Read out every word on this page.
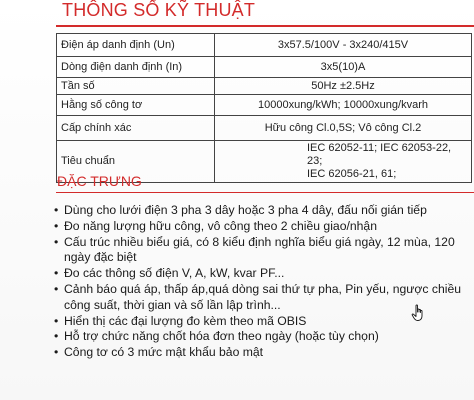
THÔNG SỐ KỸ THUẬT
Điện áp danh định (Un)	3x57.5/100V - 3x240/415V

Dòng điện danh định (In)	3x5(10)A

Tần số	50Hz ±2.5Hz

Hằng số công tơ	10000xung/kWh; 10000xung/kvarh

Cấp chính xác	Hữu công Cl.0,5S; Vô công Cl.2

Tiêu chuẩn	IEC 62052-11; IEC 62053-22, 23;
IEC 62056-21, 61;
ĐẶC TRƯNG
• Dùng cho lưới điện 3 pha 3 dây hoặc 3 pha 4 dây, đấu nối gián tiếp
• Đo năng lượng hữu công, vô công theo 2 chiều giao/nhận
• Cấu trúc nhiều biểu giá, có 8 kiểu định nghĩa biểu giá ngày, 12 mùa, 120 ngày đặc biệt
• Đo các thông số điện V, A, kW, kvar PF...
• Cảnh báo quá áp, thấp áp,quá dòng sai thứ tự pha, Pin yếu, ngược chiều công suất, thời gian và số lần lập trình...
• Hiển thị các đại lượng đo kèm theo mã OBIS
• Hỗ trợ chức năng chốt hóa đơn theo ngày (hoặc tùy chọn)
• Công tơ có 3 mức mật khẩu bảo mật
